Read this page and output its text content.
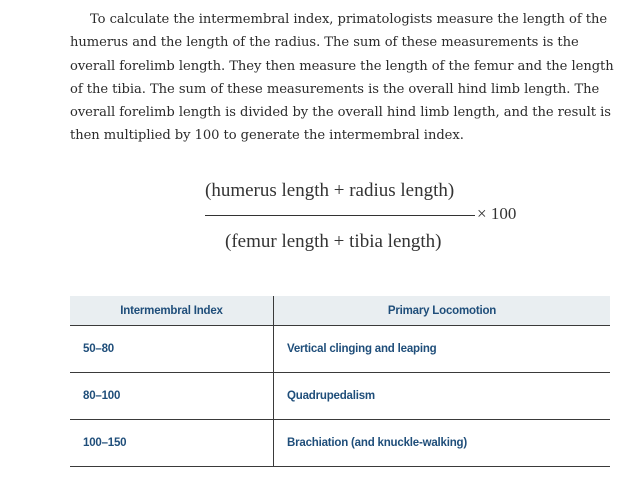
To calculate the intermembral index, primatologists measure the length of the humerus and the length of the radius. The sum of these measurements is the overall forelimb length. They then measure the length of the femur and the length of the tibia. The sum of these measurements is the overall hind limb length. The overall forelimb length is divided by the overall hind limb length, and the result is then multiplied by 100 to generate the intermembral index.

(humerus length + radius length)
× 100
(femur length + tibia length)
Intermembral Index	Primary Locomotion
50–80	Vertical clinging and leaping
80–100	Quadrupedalism
100–150	Brachiation (and knuckle-walking)
